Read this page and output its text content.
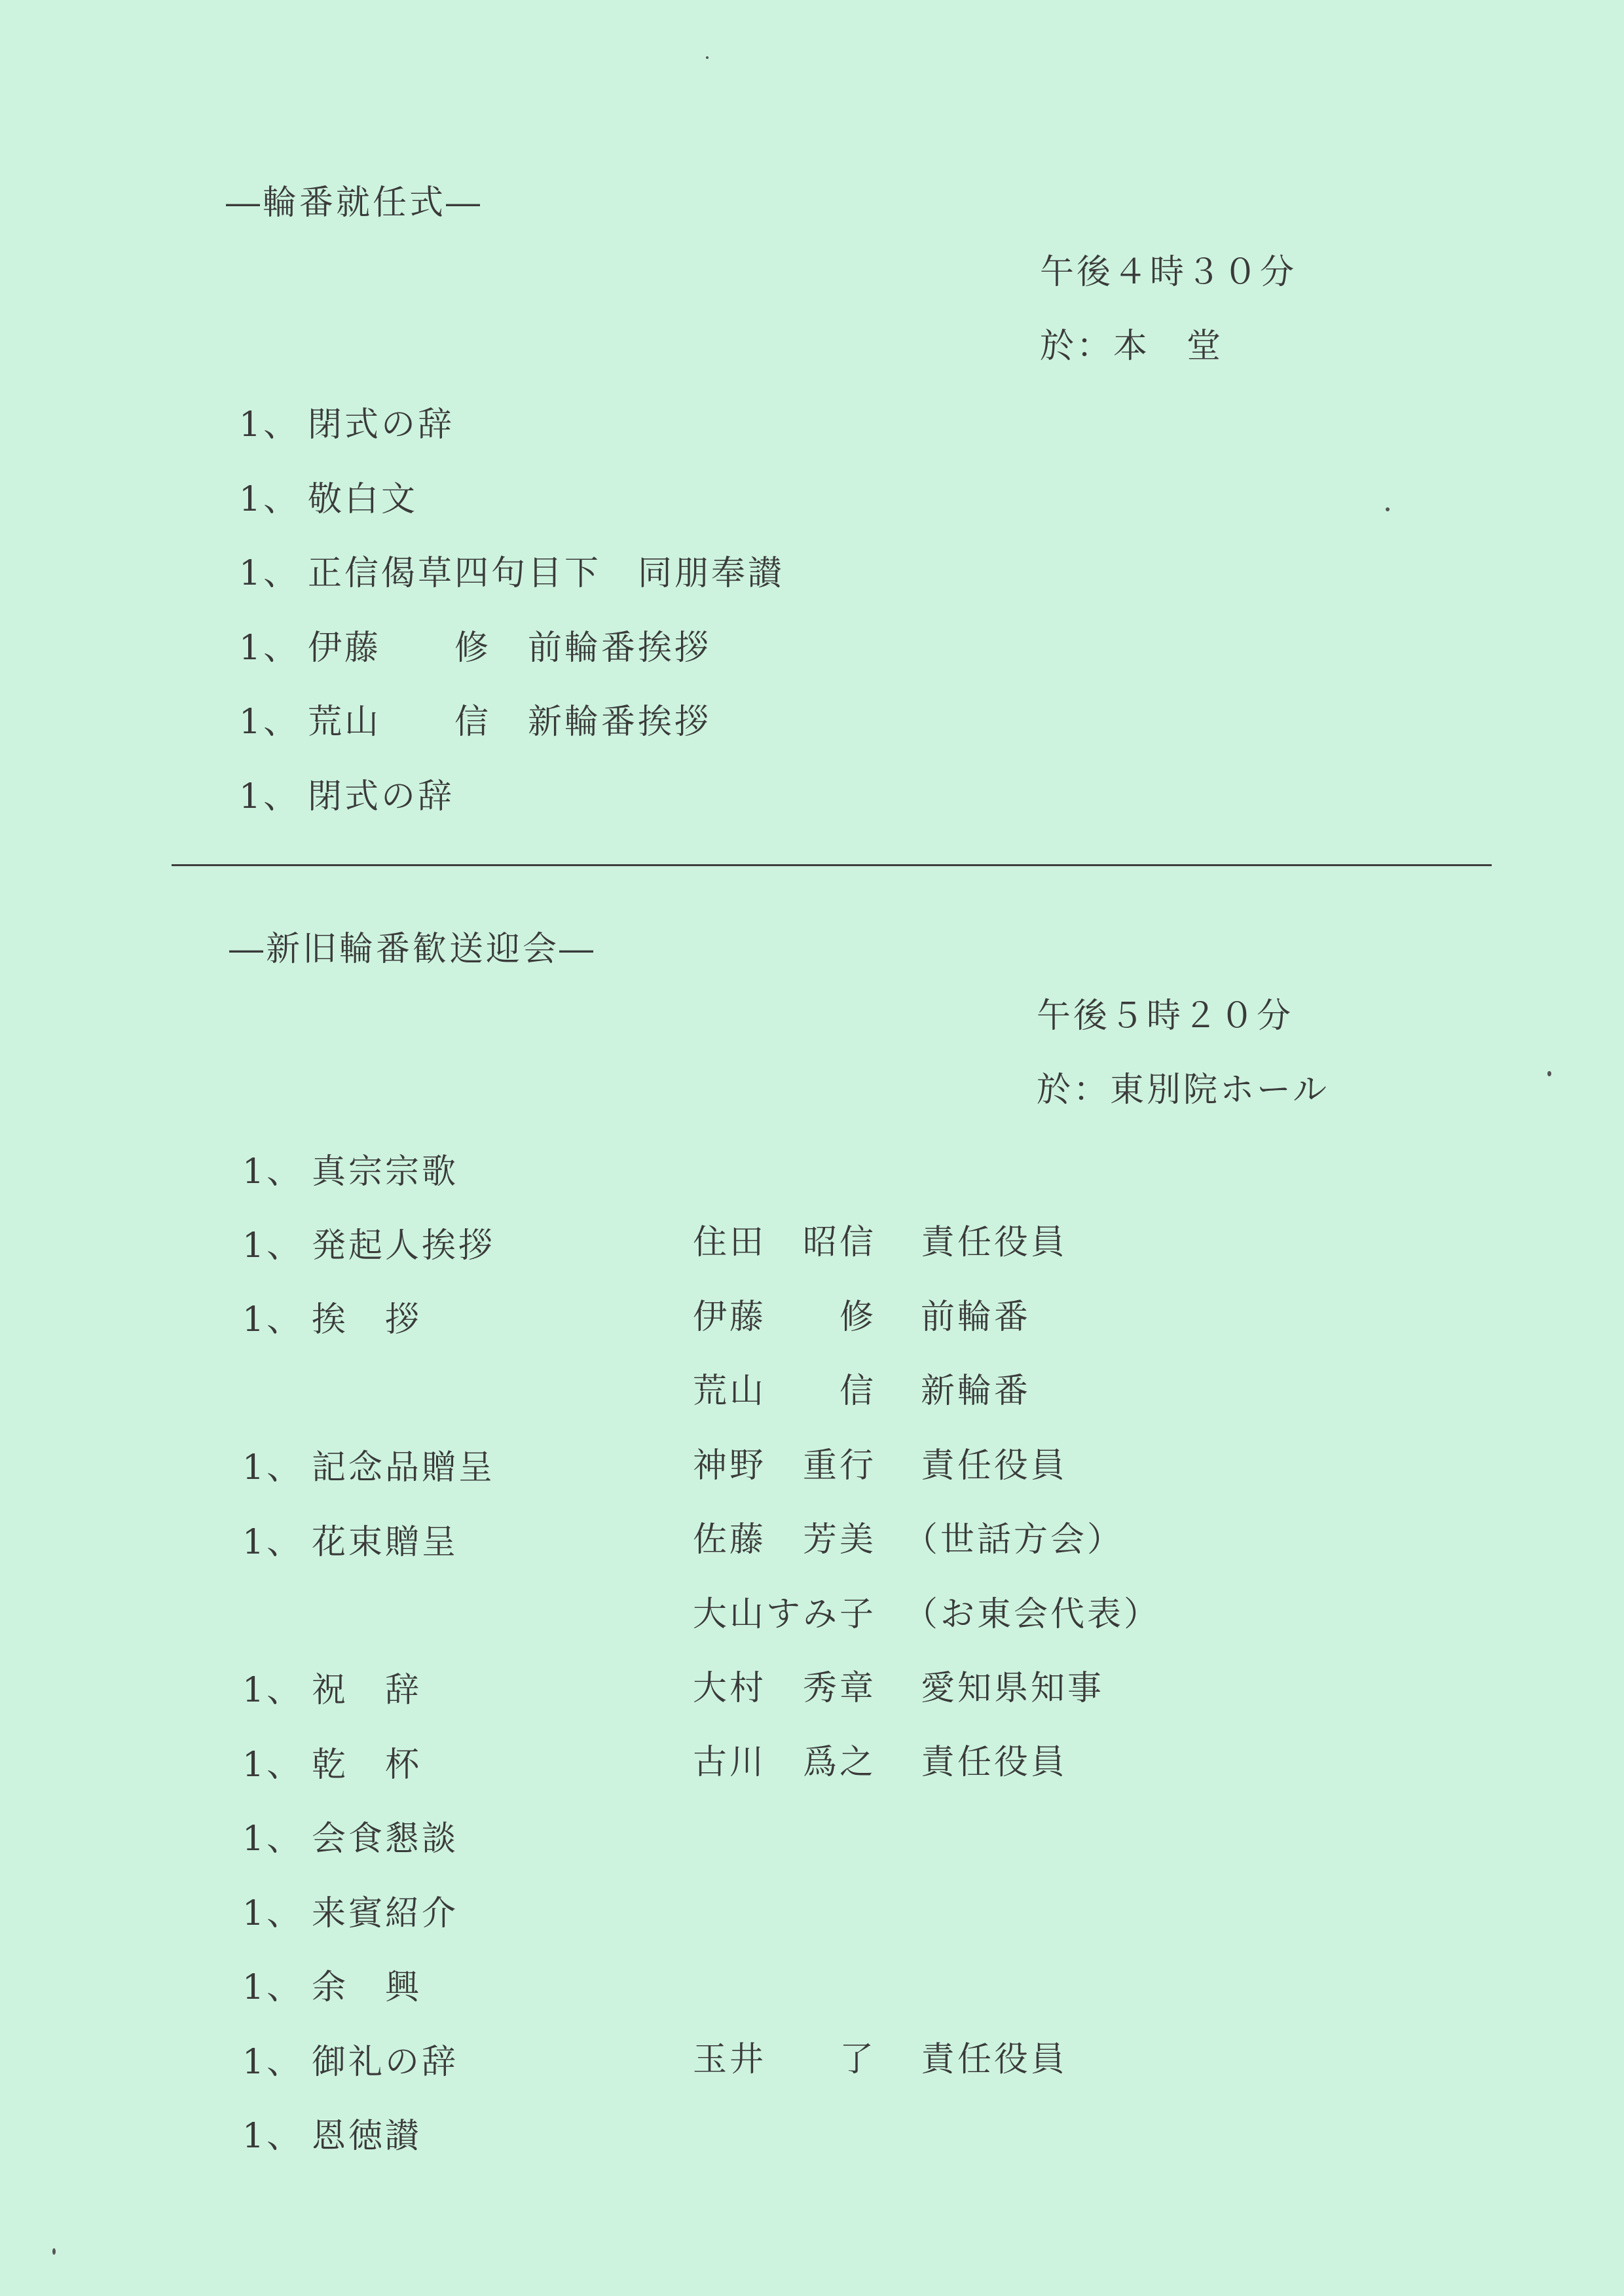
―輪番就任式―
午後４時３０分
於：本　堂
1、 閉式の辞
1、 敬白文
1、 正信偈草四句目下　同朋奉讃
1、 伊藤　　修　前輪番挨拶
1、 荒山　　信　新輪番挨拶
1、 閉式の辞
―新旧輪番歓送迎会―
午後５時２０分
於：東別院ホール
1、 真宗宗歌
1、 発起人挨拶	住田　昭信 責任役員
1、 挨　拶	伊藤　　修 前輪番
荒山　　信 新輪番
1、 記念品贈呈	神野　重行 責任役員
1、 花束贈呈	佐藤　芳美 （世話方会）
大山すみ子 （お東会代表）
1、 祝　辞	大村　秀章 愛知県知事
1、 乾　杯	古川　爲之 責任役員
1、 会食懇談
1、 来賓紹介
1、 余　興
1、 御礼の辞	玉井　　了 責任役員
1、 恩徳讃
